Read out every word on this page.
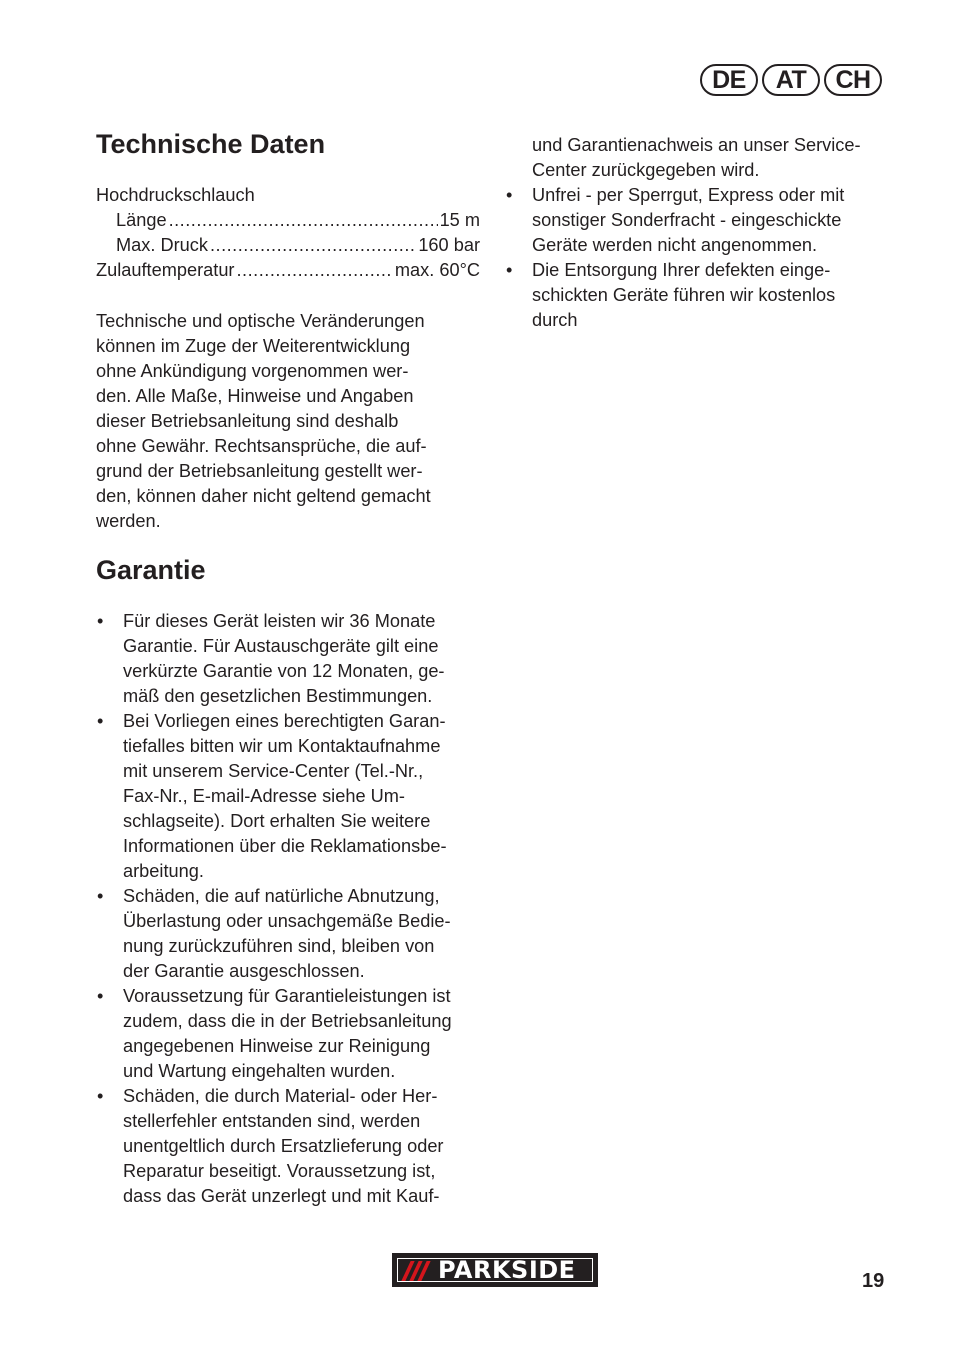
DE	AT	CH
Technische Daten
Hochdruckschlauch
Länge .....	15 m
Max. Druck .....	160 bar
Zulauftemperatur .....	max. 60°C
Technische und optische Veränderungen
können im Zuge der Weiterentwicklung
ohne Ankündigung vorgenommen wer-
den. Alle Maße, Hinweise und Angaben
dieser Betriebsanleitung sind deshalb
ohne Gewähr. Rechtsansprüche, die auf-
grund der Betriebsanleitung gestellt wer-
den, können daher nicht geltend gemacht
werden.
Garantie
• Für dieses Gerät leisten wir 36 Monate
Garantie. Für Austauschgeräte gilt eine
verkürzte Garantie von 12 Monaten, ge-
mäß den gesetzlichen Bestimmungen.
• Bei Vorliegen eines berechtigten Garan-
tiefalles bitten wir um Kontaktaufnahme
mit unserem Service-Center (Tel.-Nr.,
Fax-Nr., E-mail-Adresse siehe Um-
schlagseite). Dort erhalten Sie weitere
Informationen über die Reklamationsbe-
arbeitung.
• Schäden, die auf natürliche Abnutzung,
Überlastung oder unsachgemäße Bedie-
nung zurückzuführen sind, bleiben von
der Garantie ausgeschlossen.
• Voraussetzung für Garantieleistungen ist
zudem, dass die in der Betriebsanleitung
angegebenen Hinweise zur Reinigung
und Wartung eingehalten wurden.
• Schäden, die durch Material- oder Her-
stellerfehler entstanden sind, werden
unentgeltlich durch Ersatzlieferung oder
Reparatur beseitigt. Voraussetzung ist,
dass das Gerät unzerlegt und mit Kauf-
und Garantienachweis an unser Service-
Center zurückgegeben wird.
• Unfrei - per Sperrgut, Express oder mit
sonstiger Sonderfracht - eingeschickte
Geräte werden nicht angenommen.
• Die Entsorgung Ihrer defekten einge-
schickten Geräte führen wir kostenlos
durch
PARKSIDE	19
